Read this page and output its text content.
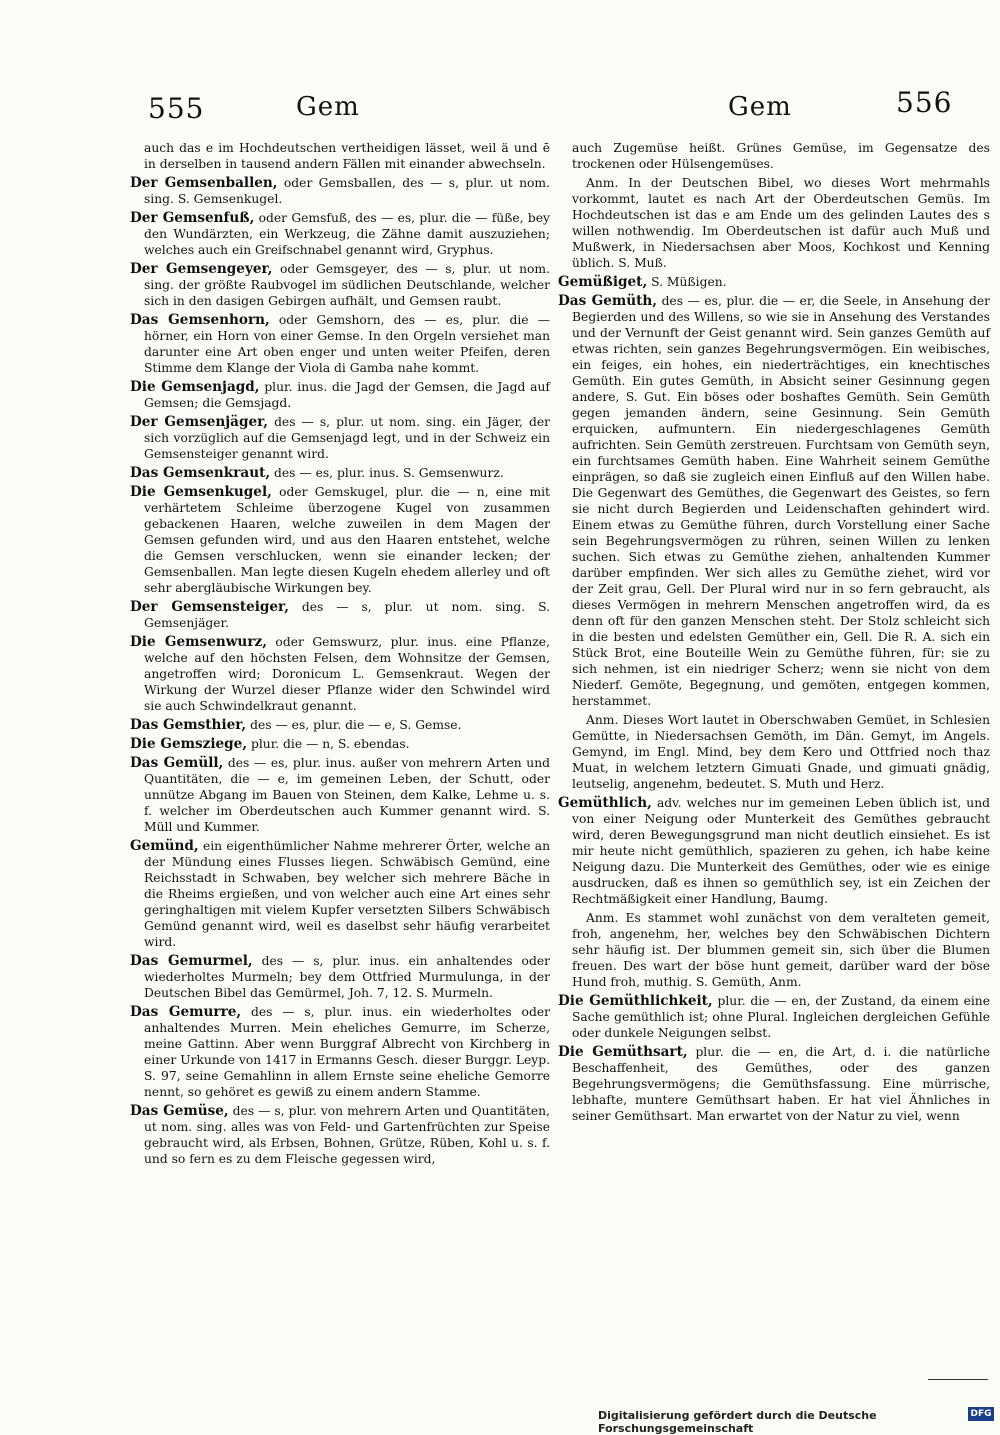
555	Gem	Gem	556

auch das e im Hochdeutschen vertheidigen lässet, weil ä und ē in derselben in tausend andern Fällen mit einander abwechseln.

Der Gemsenballen, oder Gemsballen, des — s, plur. ut nom. sing. S. Gemsenkugel.

Der Gemsenfuß, oder Gemsfuß, des — es, plur. die — füße, bey den Wundärzten, ein Werkzeug, die Zähne damit auszuziehen; welches auch ein Greifschnabel genannt wird, Gryphus.

Der Gemsengeyer, oder Gemsgeyer, des — s, plur. ut nom. sing. der größte Raubvogel im südlichen Deutschlande, welcher sich in den dasigen Gebirgen aufhält, und Gemsen raubt.

Das Gemsenhorn, oder Gemshorn, des — es, plur. die — hörner, ein Horn von einer Gemse. In den Orgeln versiehet man darunter eine Art oben enger und unten weiter Pfeifen, deren Stimme dem Klange der Viola di Gamba nahe kommt.

Die Gemsenjagd, plur. inus. die Jagd der Gemsen, die Jagd auf Gemsen; die Gemsjagd.

Der Gemsenjäger, des — s, plur. ut nom. sing. ein Jäger, der sich vorzüglich auf die Gemsenjagd legt, und in der Schweiz ein Gemsensteiger genannt wird.

Das Gemsenkraut, des — es, plur. inus. S. Gemsenwurz.

Die Gemsenkugel, oder Gemskugel, plur. die — n, eine mit verhärtetem Schleime überzogene Kugel von zusammen gebackenen Haaren, welche zuweilen in dem Magen der Gemsen gefunden wird, und aus den Haaren entstehet, welche die Gemsen verschlucken, wenn sie einander lecken; der Gemsenballen. Man legte diesen Kugeln ehedem allerley und oft sehr abergläubische Wirkungen bey.

Der Gemsensteiger, des — s, plur. ut nom. sing. S. Gemsenjäger.

Die Gemsenwurz, oder Gemswurz, plur. inus. eine Pflanze, welche auf den höchsten Felsen, dem Wohnsitze der Gemsen, angetroffen wird; Doronicum L. Gemsenkraut. Wegen der Wirkung der Wurzel dieser Pflanze wider den Schwindel wird sie auch Schwindelkraut genannt.

Das Gemsthier, des — es, plur. die — e, S. Gemse.

Die Gemsziege, plur. die — n, S. ebendas.

Das Gemüll, des — es, plur. inus. außer von mehrern Arten und Quantitäten, die — e, im gemeinen Leben, der Schutt, oder unnütze Abgang im Bauen von Steinen, dem Kalke, Lehme u. s. f. welcher im Oberdeutschen auch Kummer genannt wird. S. Müll und Kummer.

Gemünd, ein eigenthümlicher Nahme mehrerer Örter, welche an der Mündung eines Flusses liegen. Schwäbisch Gemünd, eine Reichsstadt in Schwaben, bey welcher sich mehrere Bäche in die Rheims ergießen, und von welcher auch eine Art eines sehr geringhaltigen mit vielem Kupfer versetzten Silbers Schwäbisch Gemünd genannt wird, weil es daselbst sehr häufig verarbeitet wird.

Das Gemurmel, des — s, plur. inus. ein anhaltendes oder wiederholtes Murmeln; bey dem Ottfried Murmulunga, in der Deutschen Bibel das Gemürmel, Joh. 7, 12. S. Murmeln.

Das Gemurre, des — s, plur. inus. ein wiederholtes oder anhaltendes Murren. Mein eheliches Gemurre, im Scherze, meine Gattinn. Aber wenn Burggraf Albrecht von Kirchberg in einer Urkunde von 1417 in Ermanns Gesch. dieser Burggr. Leyp. S. 97, seine Gemahlinn in allem Ernste seine eheliche Gemorre nennt, so gehöret es gewiß zu einem andern Stamme.

Das Gemüse, des — s, plur. von mehrern Arten und Quantitäten, ut nom. sing. alles was von Feld- und Gartenfrüchten zur Speise gebraucht wird, als Erbsen, Bohnen, Grütze, Rüben, Kohl u. s. f. und so fern es zu dem Fleische gegessen wird,

auch Zugemüse heißt. Grünes Gemüse, im Gegensatze des trockenen oder Hülsengemüses.

Anm. In der Deutschen Bibel, wo dieses Wort mehrmahls vorkommt, lautet es nach Art der Oberdeutschen Gemüs. Im Hochdeutschen ist das e am Ende um des gelinden Lautes des s willen nothwendig. Im Oberdeutschen ist dafür auch Muß und Mußwerk, in Niedersachsen aber Moos, Kochkost und Kenning üblich. S. Muß.

Gemüßiget, S. Müßigen.

Das Gemüth, des — es, plur. die — er, die Seele, in Ansehung der Begierden und des Willens, so wie sie in Ansehung des Verstandes und der Vernunft der Geist genannt wird. Sein ganzes Gemüth auf etwas richten, sein ganzes Begehrungsvermögen. Ein weibisches, ein feiges, ein hohes, ein niederträchtiges, ein knechtisches Gemüth. Ein gutes Gemüth, in Absicht seiner Gesinnung gegen andere, S. Gut. Ein böses oder boshaftes Gemüth. Sein Gemüth gegen jemanden ändern, seine Gesinnung. Sein Gemüth erquicken, aufmuntern. Ein niedergeschlagenes Gemüth aufrichten. Sein Gemüth zerstreuen. Furchtsam von Gemüth seyn, ein furchtsames Gemüth haben. Eine Wahrheit seinem Gemüthe einprägen, so daß sie zugleich einen Einfluß auf den Willen habe. Die Gegenwart des Gemüthes, die Gegenwart des Geistes, so fern sie nicht durch Begierden und Leidenschaften gehindert wird. Einem etwas zu Gemüthe führen, durch Vorstellung einer Sache sein Begehrungsvermögen zu rühren, seinen Willen zu lenken suchen. Sich etwas zu Gemüthe ziehen, anhaltenden Kummer darüber empfinden. Wer sich alles zu Gemüthe ziehet, wird vor der Zeit grau, Gell. Der Plural wird nur in so fern gebraucht, als dieses Vermögen in mehrern Menschen angetroffen wird, da es denn oft für den ganzen Menschen steht. Der Stolz schleicht sich in die besten und edelsten Gemüther ein, Gell. Die R. A. sich ein Stück Brot, eine Bouteille Wein zu Gemüthe führen, für: sie zu sich nehmen, ist ein niedriger Scherz; wenn sie nicht von dem Niederf. Gemöte, Begegnung, und gemöten, entgegen kommen, herstammet.

Anm. Dieses Wort lautet in Oberschwaben Gemüet, in Schlesien Gemütte, in Niedersachsen Gemöth, im Dän. Gemyt, im Angels. Gemynd, im Engl. Mind, bey dem Kero und Ottfried noch thaz Muat, in welchem letztern Gimuati Gnade, und gimuati gnädig, leutselig, angenehm, bedeutet. S. Muth und Herz.

Gemüthlich, adv. welches nur im gemeinen Leben üblich ist, und von einer Neigung oder Munterkeit des Gemüthes gebraucht wird, deren Bewegungsgrund man nicht deutlich einsiehet. Es ist mir heute nicht gemüthlich, spazieren zu gehen, ich habe keine Neigung dazu. Die Munterkeit des Gemüthes, oder wie es einige ausdrucken, daß es ihnen so gemüthlich sey, ist ein Zeichen der Rechtmäßigkeit einer Handlung, Baumg.

Anm. Es stammet wohl zunächst von dem veralteten gemeit, froh, angenehm, her, welches bey den Schwäbischen Dichtern sehr häufig ist. Der blummen gemeit sin, sich über die Blumen freuen. Des wart der böse hunt gemeit, darüber ward der böse Hund froh, muthig. S. Gemüth, Anm.

Die Gemüthlichkeit, plur. die — en, der Zustand, da einem eine Sache gemüthlich ist; ohne Plural. Ingleichen dergleichen Gefühle oder dunkele Neigungen selbst.

Die Gemüthsart, plur. die — en, die Art, d. i. die natürliche Beschaffenheit, des Gemüthes, oder des ganzen Begehrungsvermögens; die Gemüthsfassung. Eine mürrische, lebhafte, muntere Gemüthsart haben. Er hat viel Ähnliches in seiner Gemüthsart. Man erwartet von der Natur zu viel, wenn

Digitalisierung gefördert durch die Deutsche Forschungsgemeinschaft
DFG
